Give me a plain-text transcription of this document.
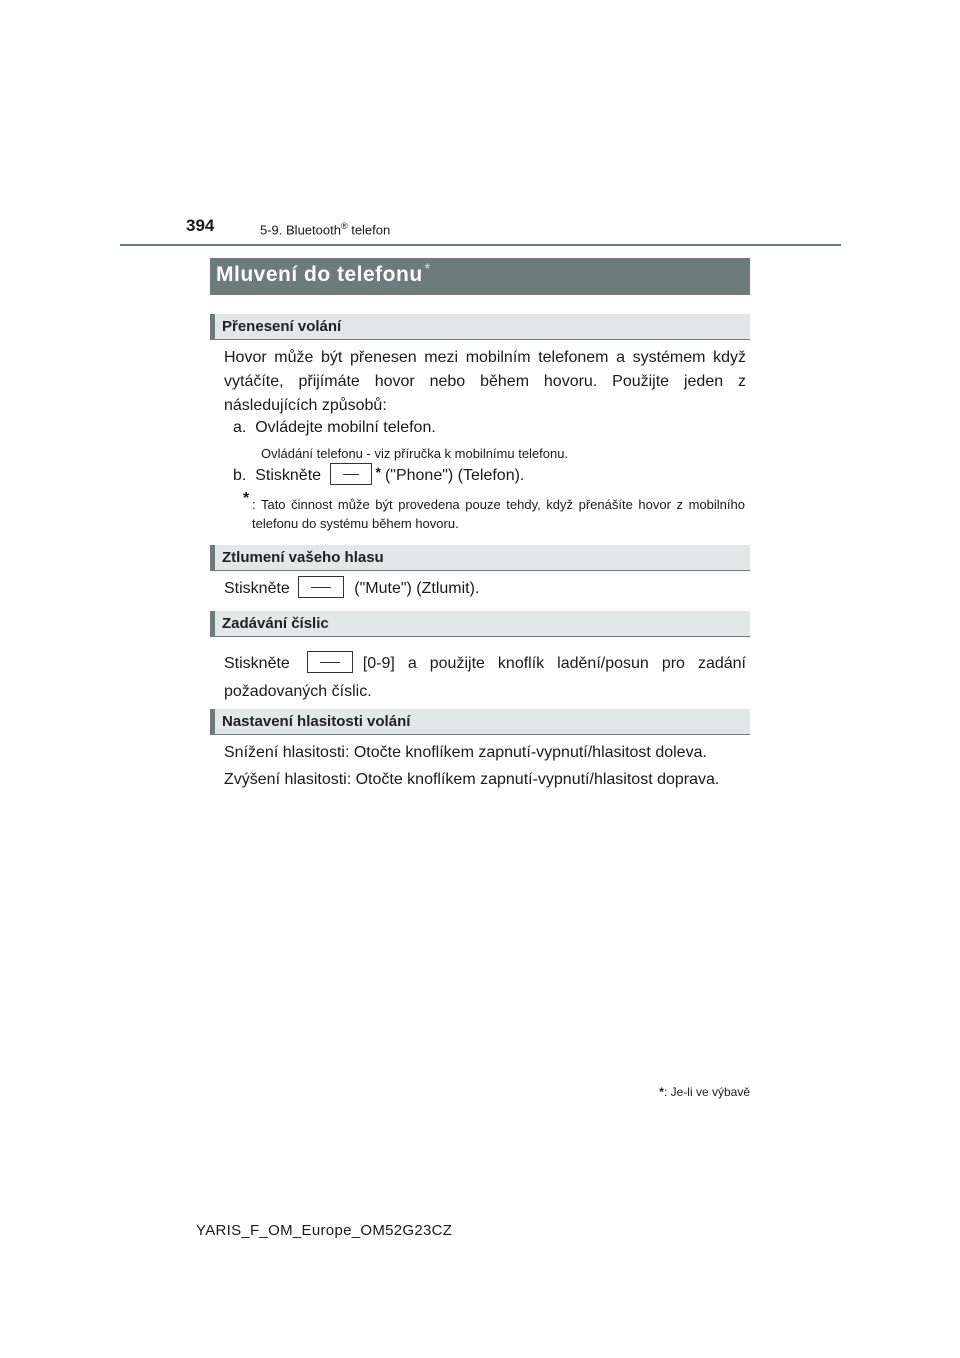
394	5-9. Bluetooth® telefon
Mluvení do telefonu *
Přenesení volání
Hovor může být přenesen mezi mobilním telefonem a systémem když vytáčíte, přijímáte hovor nebo během hovoru. Použijte jeden z následujících způsobů:
a. Ovládejte mobilní telefon.
Ovládání telefonu - viz příručka k mobilnímu telefonu.
b. Stiskněte	* ("Phone") (Telefon).
* : Tato činnost může být provedena pouze tehdy, když přenášíte hovor z mobilního telefonu do systému během hovoru.
Ztlumení vašeho hlasu
Stiskněte	("Mute") (Ztlumit).
Zadávání číslic
Stiskněte	[0-9] a použijte knoflík ladění/posun pro zadání požadovaných číslic.
Nastavení hlasitosti volání
Snížení hlasitosti: Otočte knoflíkem zapnutí-vypnutí/hlasitost doleva.
Zvýšení hlasitosti: Otočte knoflíkem zapnutí-vypnutí/hlasitost doprava.
*: Je-li ve výbavě
YARIS_F_OM_Europe_OM52G23CZ
